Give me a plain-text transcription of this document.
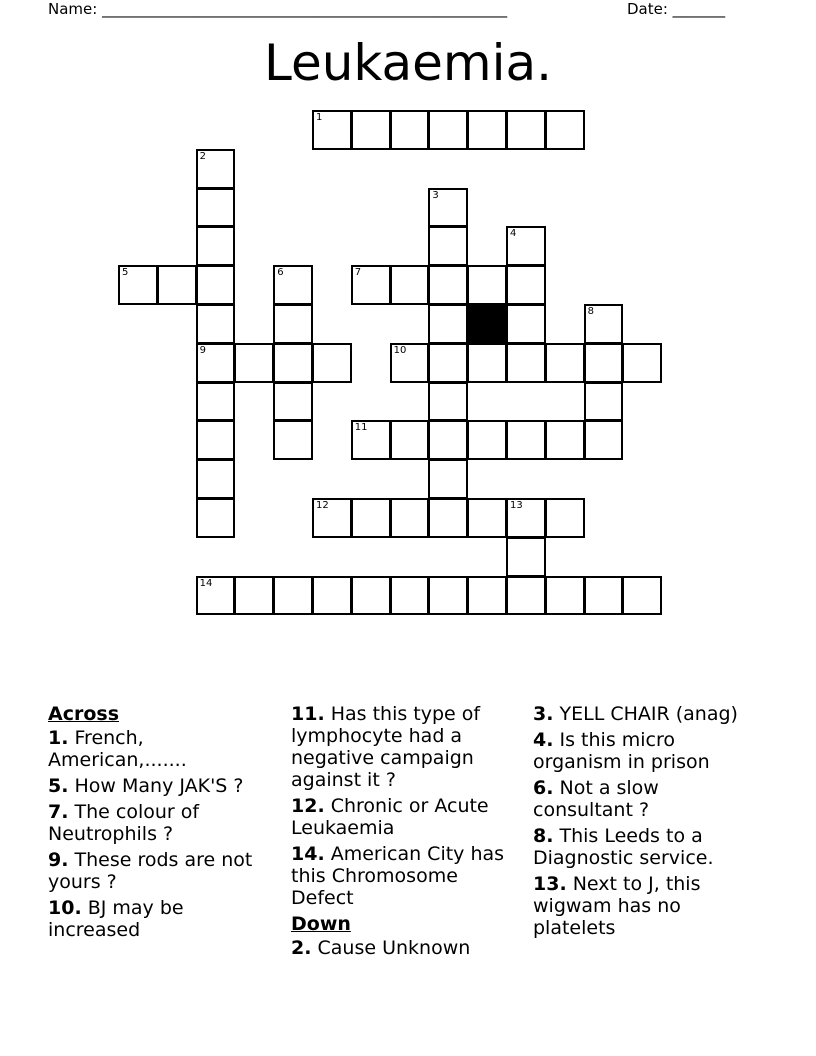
Name: ______________________________________________________	Date: _______
Leukaemia.
1
2
3
4
5	6	7
8
9	10
11
12	13
14

Across

1. French, American,.......

5. How Many JAK'S ?

7. The colour of Neutrophils ?

9. These rods are not yours ?

10. BJ may be increased

11. Has this type of lymphocyte had a negative campaign against it ?

12. Chronic or Acute Leukaemia

14. American City has this Chromosome Defect

Down

2. Cause Unknown

3. YELL CHAIR (anag)

4. Is this micro organism in prison

6. Not a slow consultant ?

8. This Leeds to a Diagnostic service.

13. Next to J, this wigwam has no platelets
